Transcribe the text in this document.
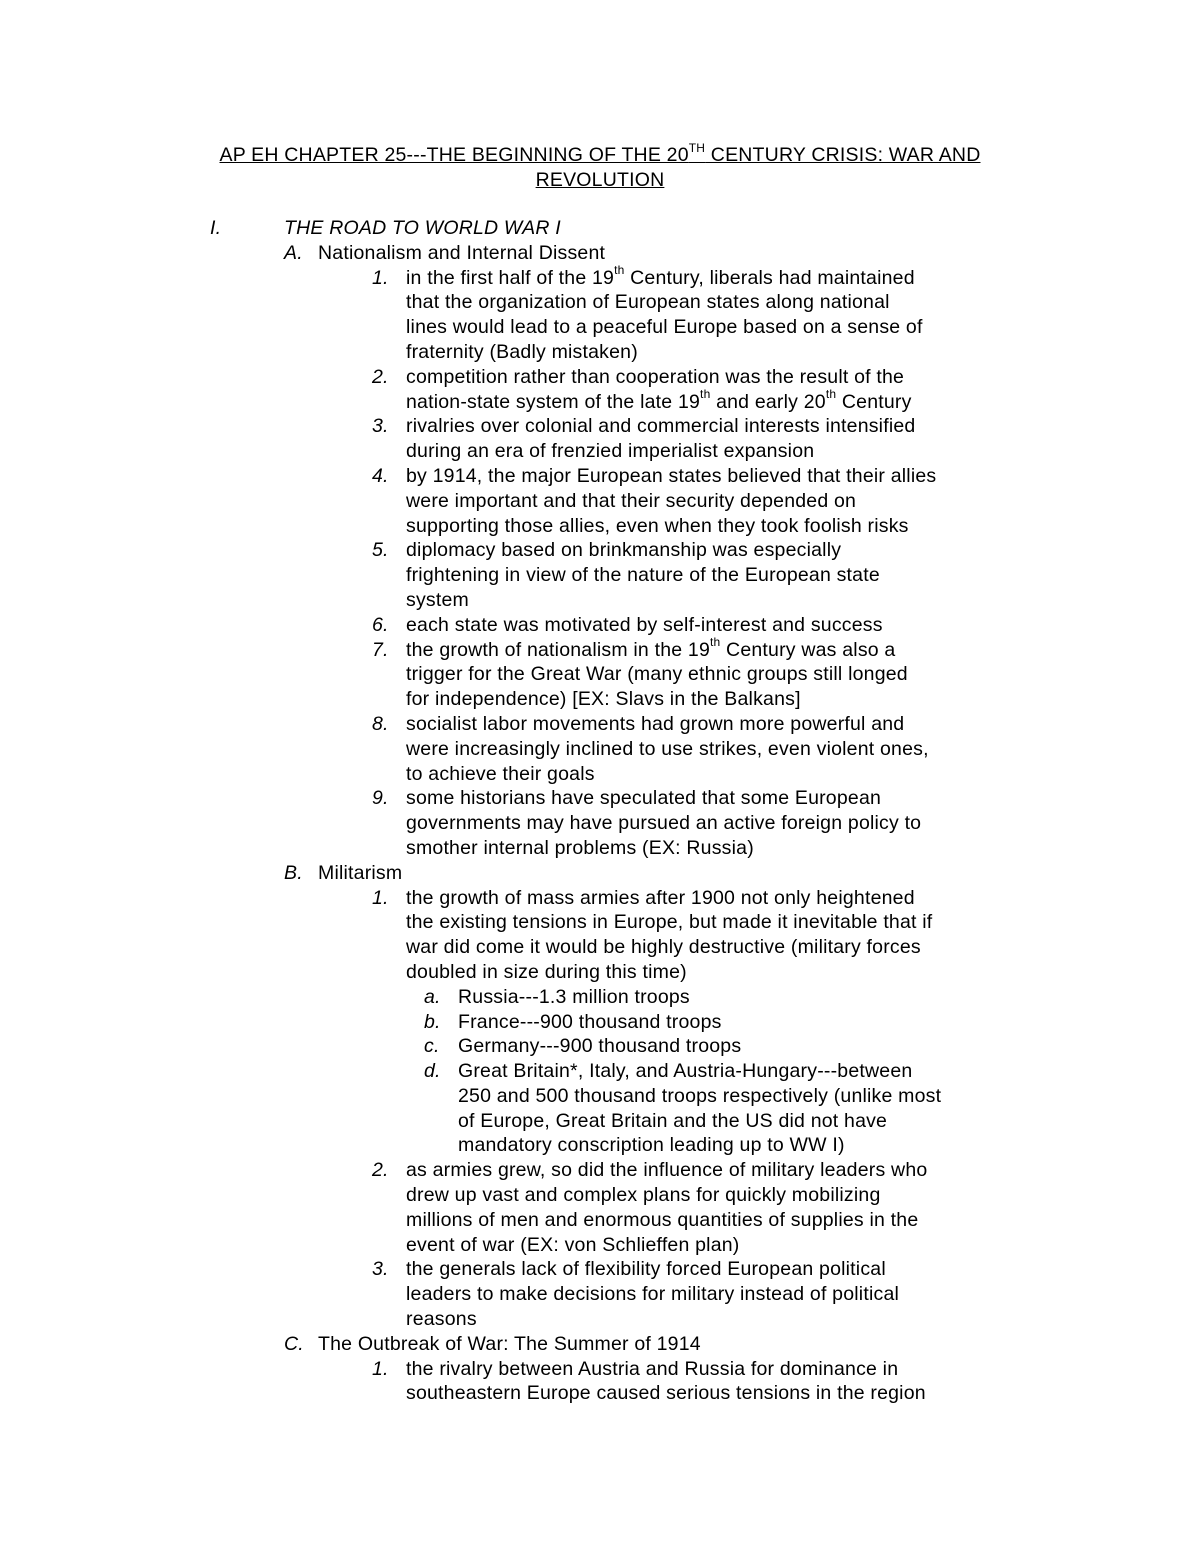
AP EH CHAPTER 25---THE BEGINNING OF THE 20TH CENTURY CRISIS: WAR AND
REVOLUTION
I.	THE ROAD TO WORLD WAR I
A. Nationalism and Internal Dissent
1. in the first half of the 19th Century, liberals had maintained
that the organization of European states along national
lines would lead to a peaceful Europe based on a sense of
fraternity (Badly mistaken)
2. competition rather than cooperation was the result of the
nation-state system of the late 19th and early 20th Century
3. rivalries over colonial and commercial interests intensified
during an era of frenzied imperialist expansion
4. by 1914, the major European states believed that their allies
were important and that their security depended on
supporting those allies, even when they took foolish risks
5. diplomacy based on brinkmanship was especially
frightening in view of the nature of the European state
system
6. each state was motivated by self-interest and success
7. the growth of nationalism in the 19th Century was also a
trigger for the Great War (many ethnic groups still longed
for independence) [EX: Slavs in the Balkans]
8. socialist labor movements had grown more powerful and
were increasingly inclined to use strikes, even violent ones,
to achieve their goals
9. some historians have speculated that some European
governments may have pursued an active foreign policy to
smother internal problems (EX: Russia)
B. Militarism
1. the growth of mass armies after 1900 not only heightened
the existing tensions in Europe, but made it inevitable that if
war did come it would be highly destructive (military forces
doubled in size during this time)
a. Russia---1.3 million troops
b. France---900 thousand troops
c. Germany---900 thousand troops
d. Great Britain*, Italy, and Austria-Hungary---between
250 and 500 thousand troops respectively (unlike most
of Europe, Great Britain and the US did not have
mandatory conscription leading up to WW I)
2. as armies grew, so did the influence of military leaders who
drew up vast and complex plans for quickly mobilizing
millions of men and enormous quantities of supplies in the
event of war (EX: von Schlieffen plan)
3. the generals lack of flexibility forced European political
leaders to make decisions for military instead of political
reasons
C. The Outbreak of War: The Summer of 1914
1. the rivalry between Austria and Russia for dominance in
southeastern Europe caused serious tensions in the region
